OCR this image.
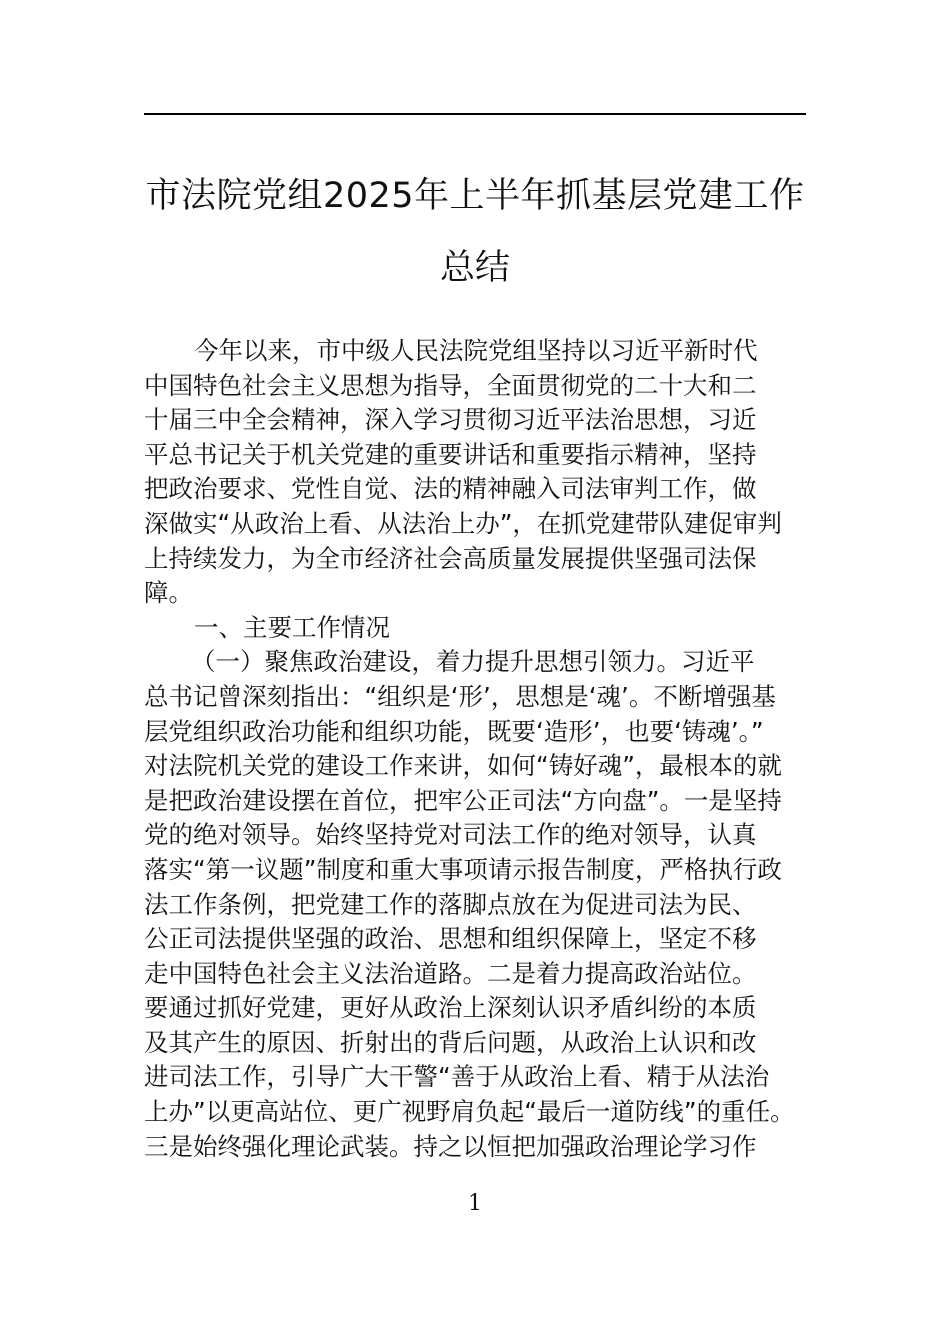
市法院党组2025年上半年抓基层党建工作
总结
今年以来，市中级人民法院党组坚持以习近平新时代
中国特色社会主义思想为指导，全面贯彻党的二十大和二
十届三中全会精神，深入学习贯彻习近平法治思想，习近
平总书记关于机关党建的重要讲话和重要指示精神，坚持
把政治要求、党性自觉、法的精神融入司法审判工作，做
深做实“从政治上看、从法治上办”，在抓党建带队建促审判
上持续发力，为全市经济社会高质量发展提供坚强司法保
障。
一、主要工作情况
（一）聚焦政治建设，着力提升思想引领力。习近平
总书记曾深刻指出：“组织是‘形’，思想是‘魂’。不断增强基
层党组织政治功能和组织功能，既要‘造形’，也要‘铸魂’。”
对法院机关党的建设工作来讲，如何“铸好魂”，最根本的就
是把政治建设摆在首位，把牢公正司法“方向盘”。一是坚持
党的绝对领导。始终坚持党对司法工作的绝对领导，认真
落实“第一议题”制度和重大事项请示报告制度，严格执行政
法工作条例，把党建工作的落脚点放在为促进司法为民、
公正司法提供坚强的政治、思想和组织保障上，坚定不移
走中国特色社会主义法治道路。二是着力提高政治站位。
要通过抓好党建，更好从政治上深刻认识矛盾纠纷的本质
及其产生的原因、折射出的背后问题，从政治上认识和改
进司法工作，引导广大干警“善于从政治上看、精于从法治
上办”以更高站位、更广视野肩负起“最后一道防线”的重任。
三是始终强化理论武装。持之以恒把加强政治理论学习作
1
